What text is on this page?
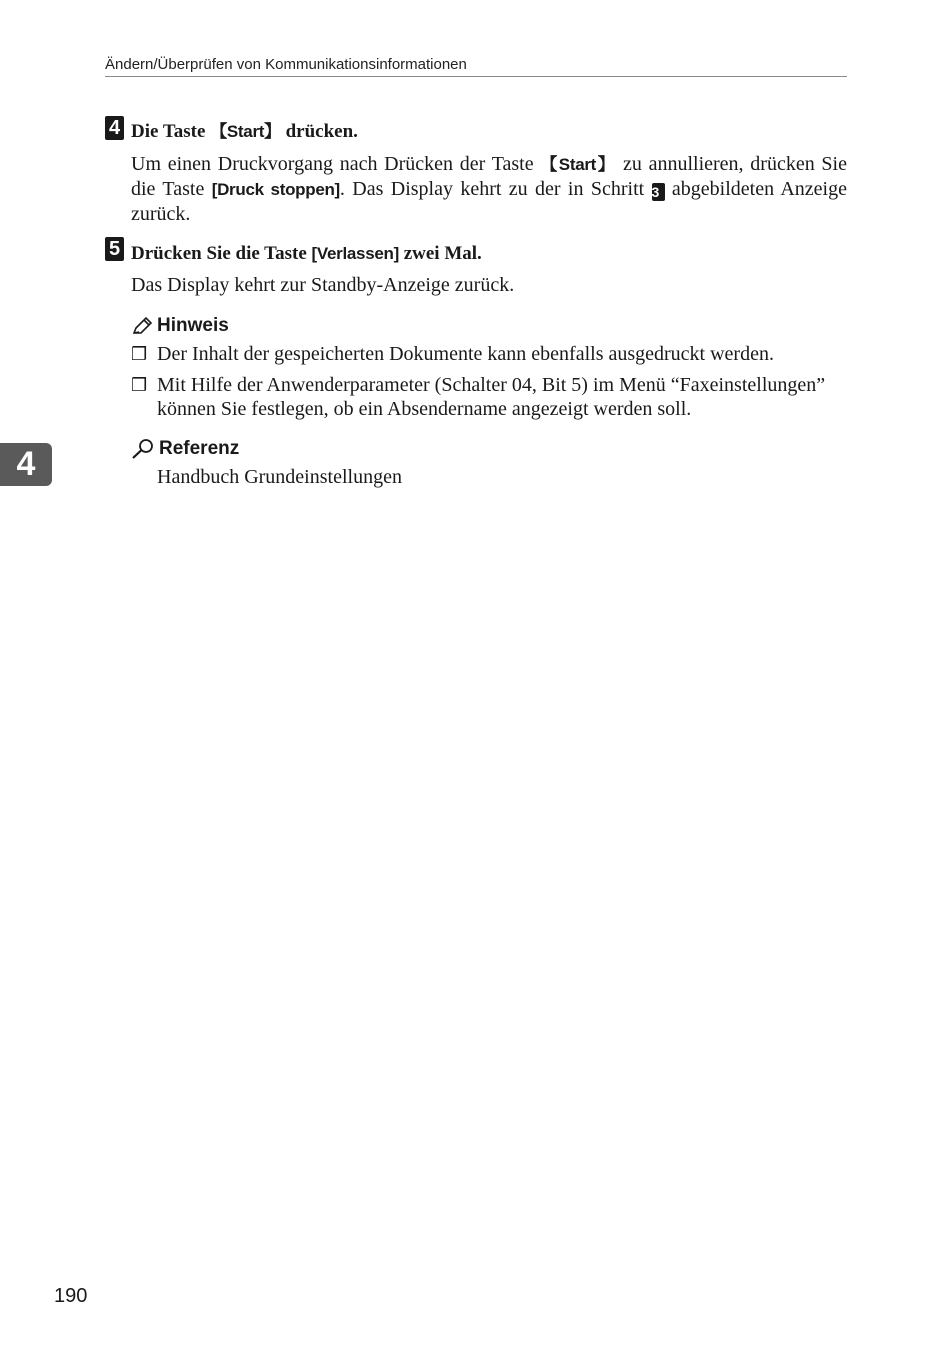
Ändern/Überprüfen von Kommunikationsinformationen
4 Die Taste 【Start】 drücken.
Um einen Druckvorgang nach Drücken der Taste 【Start】 zu annullieren, drücken Sie die Taste [Druck stoppen]. Das Display kehrt zu der in Schritt 3 abgebildeten Anzeige zurück.
5 Drücken Sie die Taste [Verlassen] zwei Mal.
Das Display kehrt zur Standby-Anzeige zurück.
Hinweis
❒ Der Inhalt der gespeicherten Dokumente kann ebenfalls ausgedruckt werden.
❒ Mit Hilfe der Anwenderparameter (Schalter 04, Bit 5) im Menü “Faxeinstellungen” können Sie festlegen, ob ein Absendername angezeigt werden soll.
Referenz
Handbuch Grundeinstellungen
4
190
